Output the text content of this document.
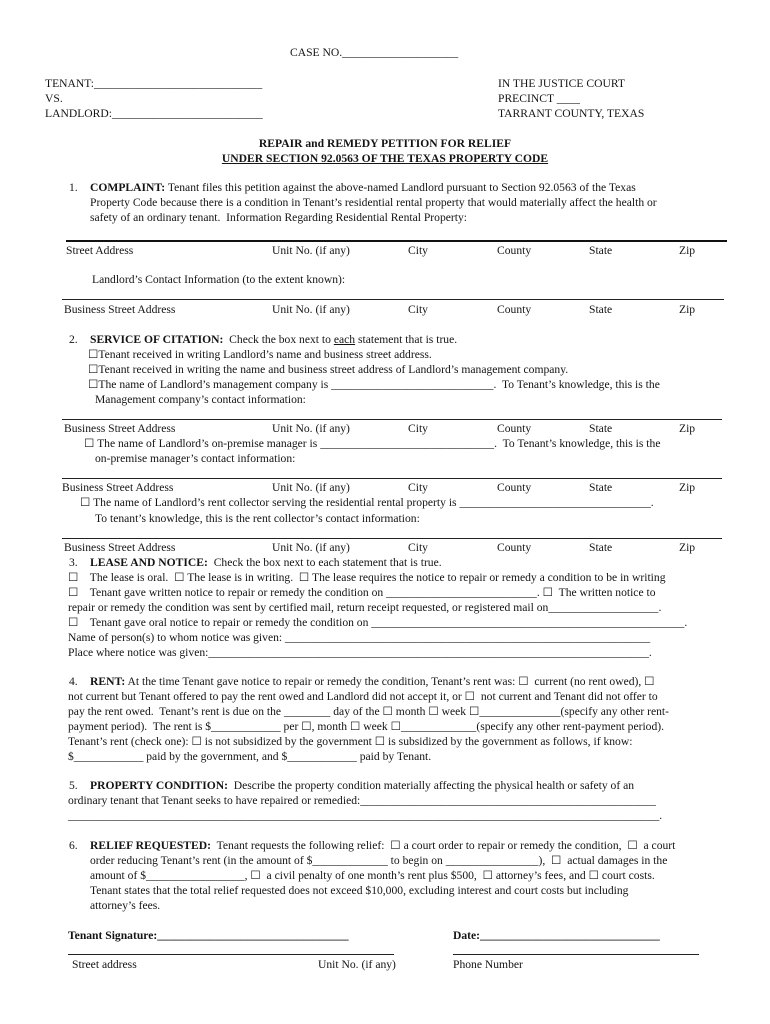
CASE NO.____________________
TENANT:_____________________________
VS.
LANDLORD:__________________________
IN THE JUSTICE COURT
PRECINCT ____
TARRANT COUNTY, TEXAS
REPAIR and REMEDY PETITION FOR RELIEF
UNDER SECTION 92.0563 OF THE TEXAS PROPERTY CODE
1. COMPLAINT: Tenant files this petition against the above-named Landlord pursuant to Section 92.0563 of the Texas
Property Code because there is a condition in Tenant’s residential rental property that would materially affect the health or
safety of an ordinary tenant.  Information Regarding Residential Rental Property:
Street Address	Unit No. (if any)	City	County	State	Zip
Landlord’s Contact Information (to the extent known):
Business Street Address	Unit No. (if any)	City	County	State	Zip
2. SERVICE OF CITATION:  Check the box next to each statement that is true.
☐Tenant received in writing Landlord’s name and business street address.
☐Tenant received in writing the name and business street address of Landlord’s management company.
☐The name of Landlord’s management company is ____________________________.  To Tenant’s knowledge, this is the
Management company’s contact information:
Business Street Address	Unit No. (if any)	City	County	State	Zip
☐ The name of Landlord’s on-premise manager is ______________________________.  To Tenant’s knowledge, this is the
on-premise manager’s contact information:
Business Street Address	Unit No. (if any)	City	County	State	Zip
☐ The name of Landlord’s rent collector serving the residential rental property is _________________________________.
To tenant’s knowledge, this is the rent collector’s contact information:
Business Street Address	Unit No. (if any)	City	County	State	Zip
3. LEASE AND NOTICE:  Check the box next to each statement that is true.
☐    The lease is oral.  ☐ The lease is in writing.  ☐ The lease requires the notice to repair or remedy a condition to be in writing
☐    Tenant gave written notice to repair or remedy the condition on __________________________. ☐  The written notice to
repair or remedy the condition was sent by certified mail, return receipt requested, or registered mail on___________________.
☐    Tenant gave oral notice to repair or remedy the condition on ______________________________________________________.
Name of person(s) to whom notice was given: _______________________________________________________________
Place where notice was given:____________________________________________________________________________.
4. RENT: At the time Tenant gave notice to repair or remedy the condition, Tenant’s rent was: ☐  current (no rent owed), ☐
not current but Tenant offered to pay the rent owed and Landlord did not accept it, or ☐  not current and Tenant did not offer to
pay the rent owed.  Tenant’s rent is due on the ________ day of the ☐ month ☐ week ☐______________(specify any other rent-
payment period).  The rent is $____________ per ☐, month ☐ week ☐_____________(specify any other rent-payment period).
Tenant’s rent (check one): ☐ is not subsidized by the government ☐ is subsidized by the government as follows, if know:
$____________ paid by the government, and $____________ paid by Tenant.
5. PROPERTY CONDITION:  Describe the property condition materially affecting the physical health or safety of an
ordinary tenant that Tenant seeks to have repaired or remedied:___________________________________________________
______________________________________________________________________________________________________.
6. RELIEF REQUESTED:  Tenant requests the following relief:  ☐ a court order to repair or remedy the condition,  ☐  a court
order reducing Tenant’s rent (in the amount of $_____________ to begin on ________________),  ☐  actual damages in the
amount of $_________________, ☐  a civil penalty of one month’s rent plus $500,  ☐ attorney’s fees, and ☐ court costs.
Tenant states that the total relief requested does not exceed $10,000, excluding interest and court costs but including
attorney’s fees.
Tenant Signature:_________________________________	Date:_______________________________
Street address	Unit No. (if any)	Phone Number
